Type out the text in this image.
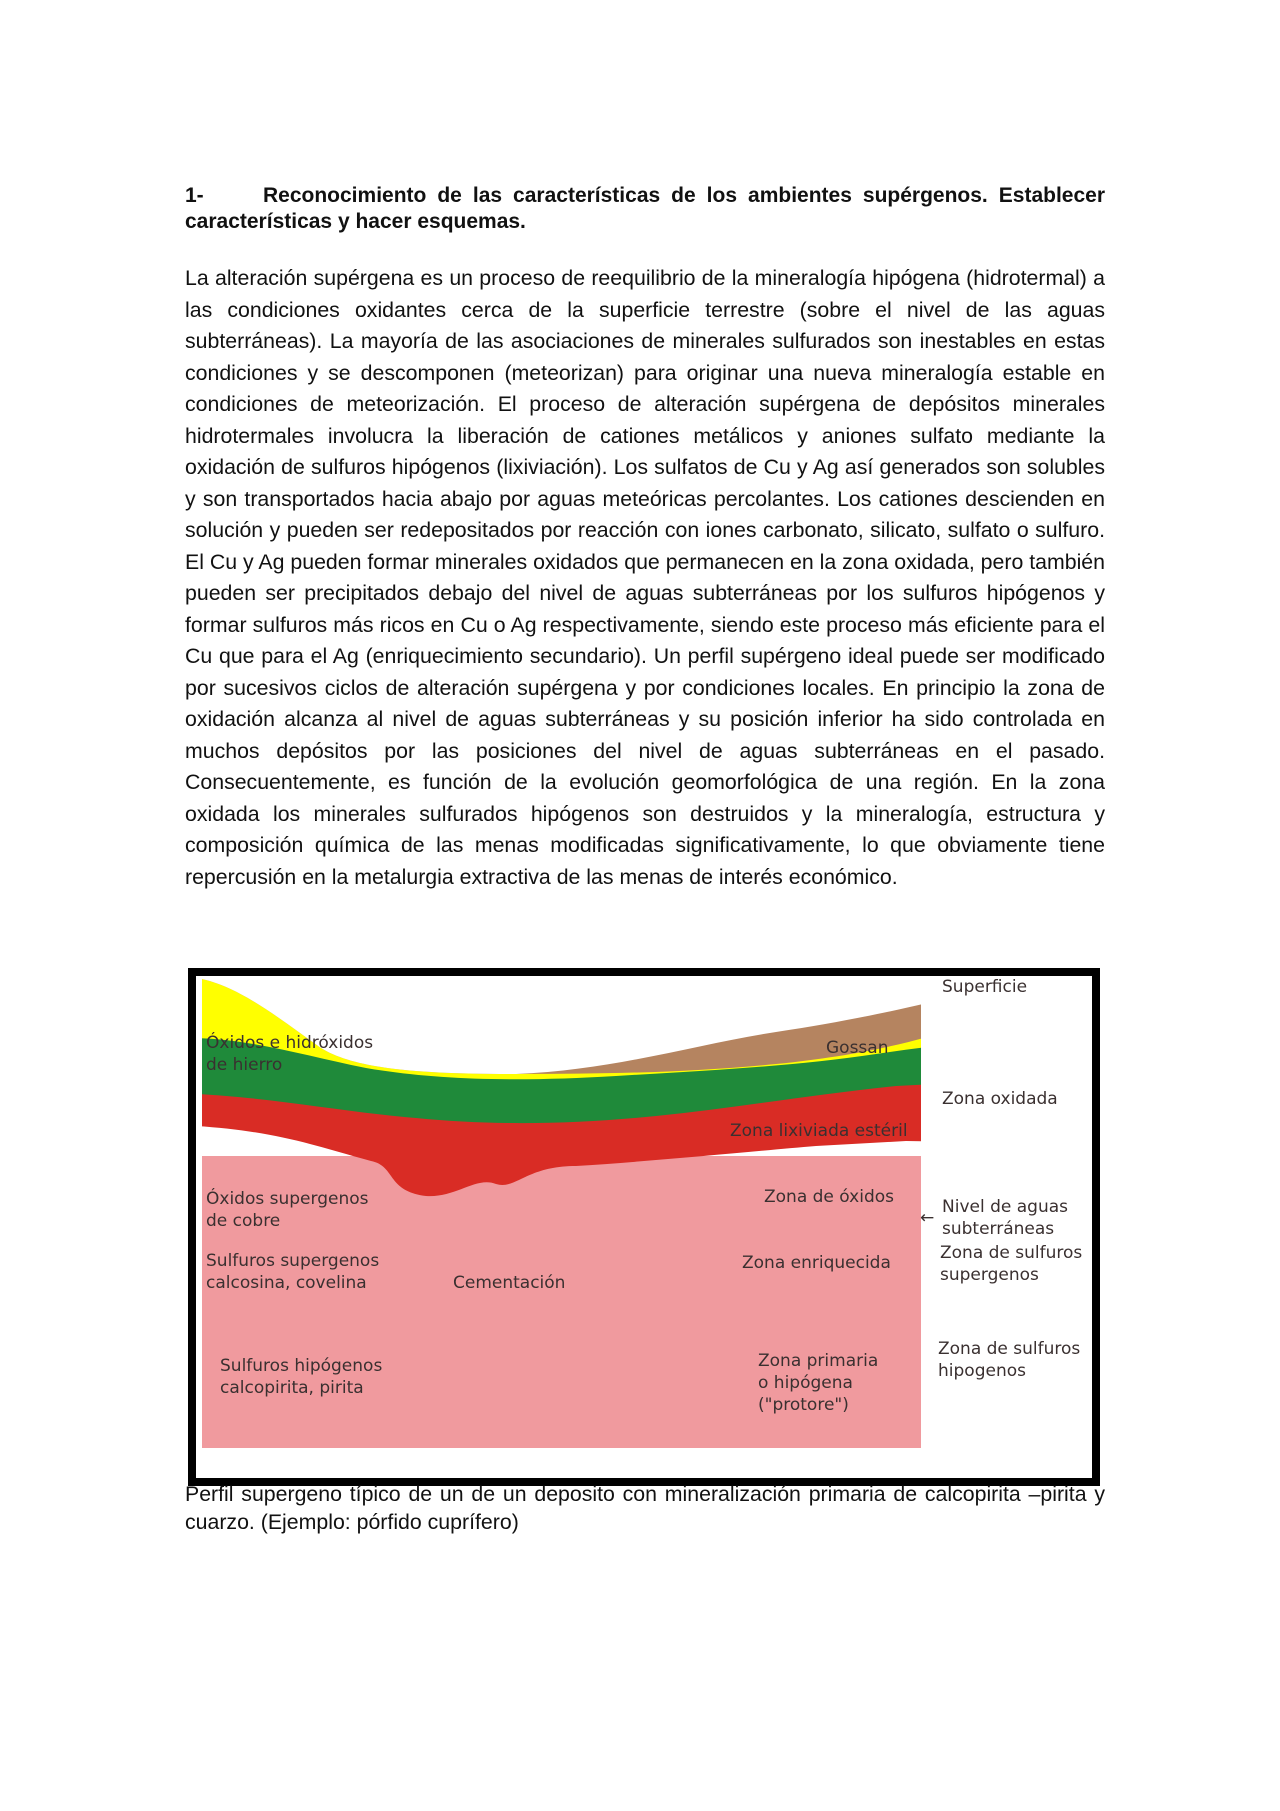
1-	Reconocimiento de las características de los ambientes supérgenos. Establecer características y hacer esquemas.

La alteración supérgena es un proceso de reequilibrio de la mineralogía hipógena (hidrotermal) a las condiciones oxidantes cerca de la superficie terrestre (sobre el nivel de las aguas subterráneas). La mayoría de las asociaciones de minerales sulfurados son inestables en estas condiciones y se descomponen (meteorizan) para originar una nueva mineralogía estable en condiciones de meteorización. El proceso de alteración supérgena de depósitos minerales hidrotermales involucra la liberación de cationes metálicos y aniones sulfato mediante la oxidación de sulfuros hipógenos (lixiviación). Los sulfatos de Cu y Ag así generados son solubles y son transportados hacia abajo por aguas meteóricas percolantes. Los cationes descienden en solución y pueden ser redepositados por reacción con iones carbonato, silicato, sulfato o sulfuro. El Cu y Ag pueden formar minerales oxidados que permanecen en la zona oxidada, pero también pueden ser precipitados debajo del nivel de aguas subterráneas por los sulfuros hipógenos y formar sulfuros más ricos en Cu o Ag respectivamente, siendo este proceso más eficiente para el Cu que para el Ag (enriquecimiento secundario). Un perfil supérgeno ideal puede ser modificado por sucesivos ciclos de alteración supérgena y por condiciones locales. En principio la zona de oxidación alcanza al nivel de aguas subterráneas y su posición inferior ha sido controlada en muchos depósitos por las posiciones del nivel de aguas subterráneas en el pasado. Consecuentemente, es función de la evolución geomorfológica de una región. En la zona oxidada los minerales sulfurados hipógenos son destruidos y la mineralogía, estructura y composición química de las menas modificadas significativamente, lo que obviamente tiene repercusión en la metalurgia extractiva de las menas de interés económico.

Óxidos e hidróxidos
de hierro
Gossan
Zona lixiviada estéril
Óxidos supergenos
de cobre
Zona de óxidos
Sulfuros supergenos
calcosina, covelina	Cementación
Zona enriquecida
Sulfuros hipógenos
calcopirita, pirita
Zona primaria
o hipógena
("protore")
Superficie
Zona oxidada
←
Nivel de aguas
subterráneas
Zona de sulfuros
supergenos
Zona de sulfuros
hipogenos

Perfil supergeno típico de un de un deposito con mineralización primaria de calcopirita –pirita y cuarzo. (Ejemplo: pórfido cuprífero)
